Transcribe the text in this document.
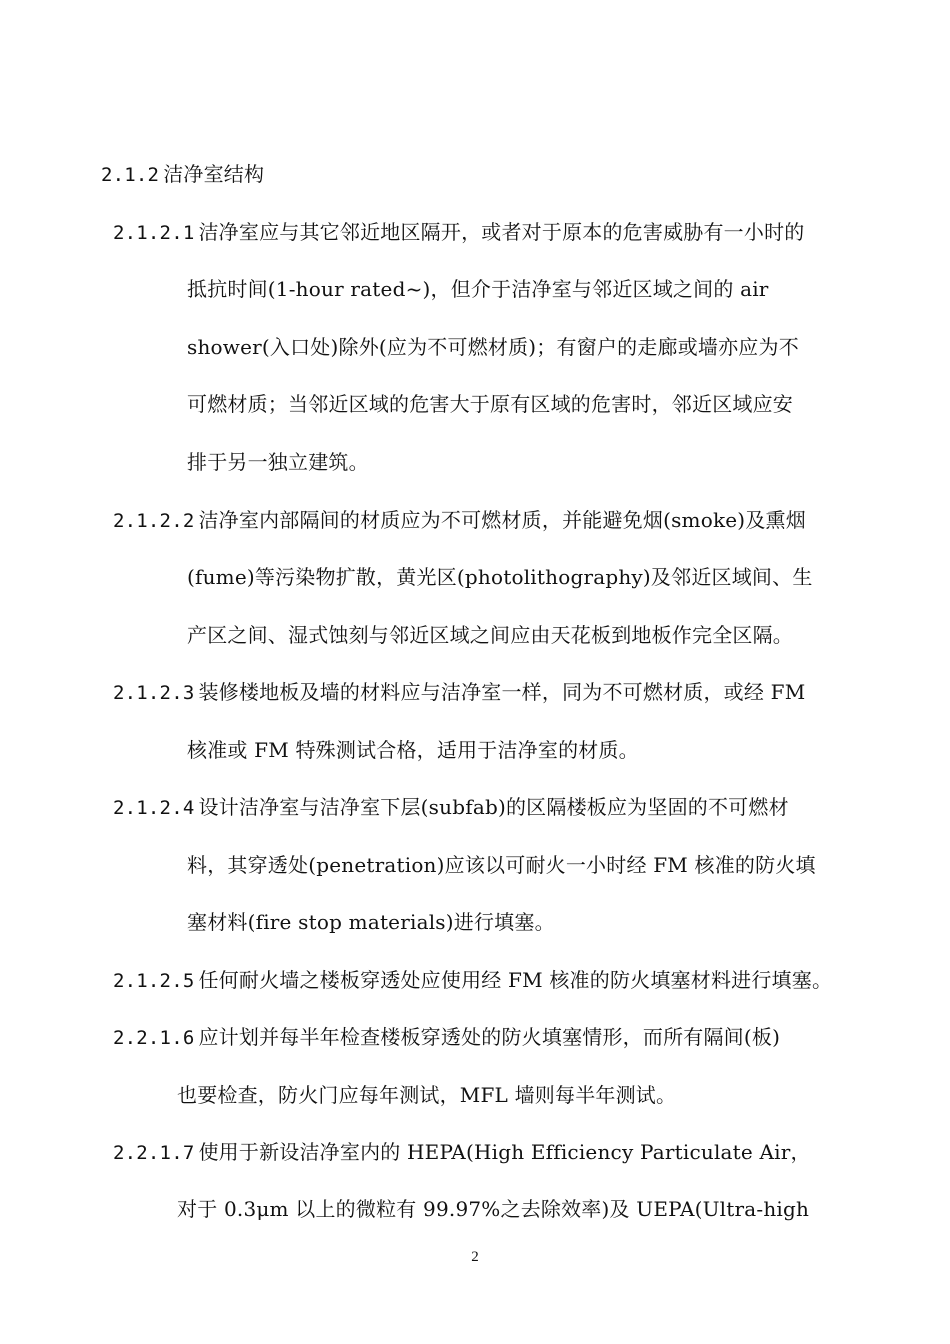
2.1.2 洁净室结构
2.1.2.1 洁净室应与其它邻近地区隔开，或者对于原本的危害威胁有一小时的
抵抗时间(1-hour rated~)，但介于洁净室与邻近区域之间的 air
shower(入口处)除外(应为不可燃材质)；有窗户的走廊或墙亦应为不
可燃材质；当邻近区域的危害大于原有区域的危害时，邻近区域应安
排于另一独立建筑。
2.1.2.2 洁净室内部隔间的材质应为不可燃材质，并能避免烟(smoke)及熏烟
(fume)等污染物扩散，黄光区(photolithography)及邻近区域间、生
产区之间、湿式蚀刻与邻近区域之间应由天花板到地板作完全区隔。
2.1.2.3 装修楼地板及墙的材料应与洁净室一样，同为不可燃材质，或经 FM
核准或 FM 特殊测试合格，适用于洁净室的材质。
2.1.2.4 设计洁净室与洁净室下层(subfab)的区隔楼板应为坚固的不可燃材
料，其穿透处(penetration)应该以可耐火一小时经 FM 核准的防火填
塞材料(fire stop materials)进行填塞。
2.1.2.5 任何耐火墙之楼板穿透处应使用经 FM 核准的防火填塞材料进行填塞。
2.2.1.6 应计划并每半年检查楼板穿透处的防火填塞情形，而所有隔间(板)
也要检查，防火门应每年测试，MFL 墙则每半年测试。
2.2.1.7 使用于新设洁净室内的 HEPA(High Efficiency Particulate Air，
对于 0.3μm 以上的微粒有 99.97%之去除效率)及 UEPA(Ultra-high
2
